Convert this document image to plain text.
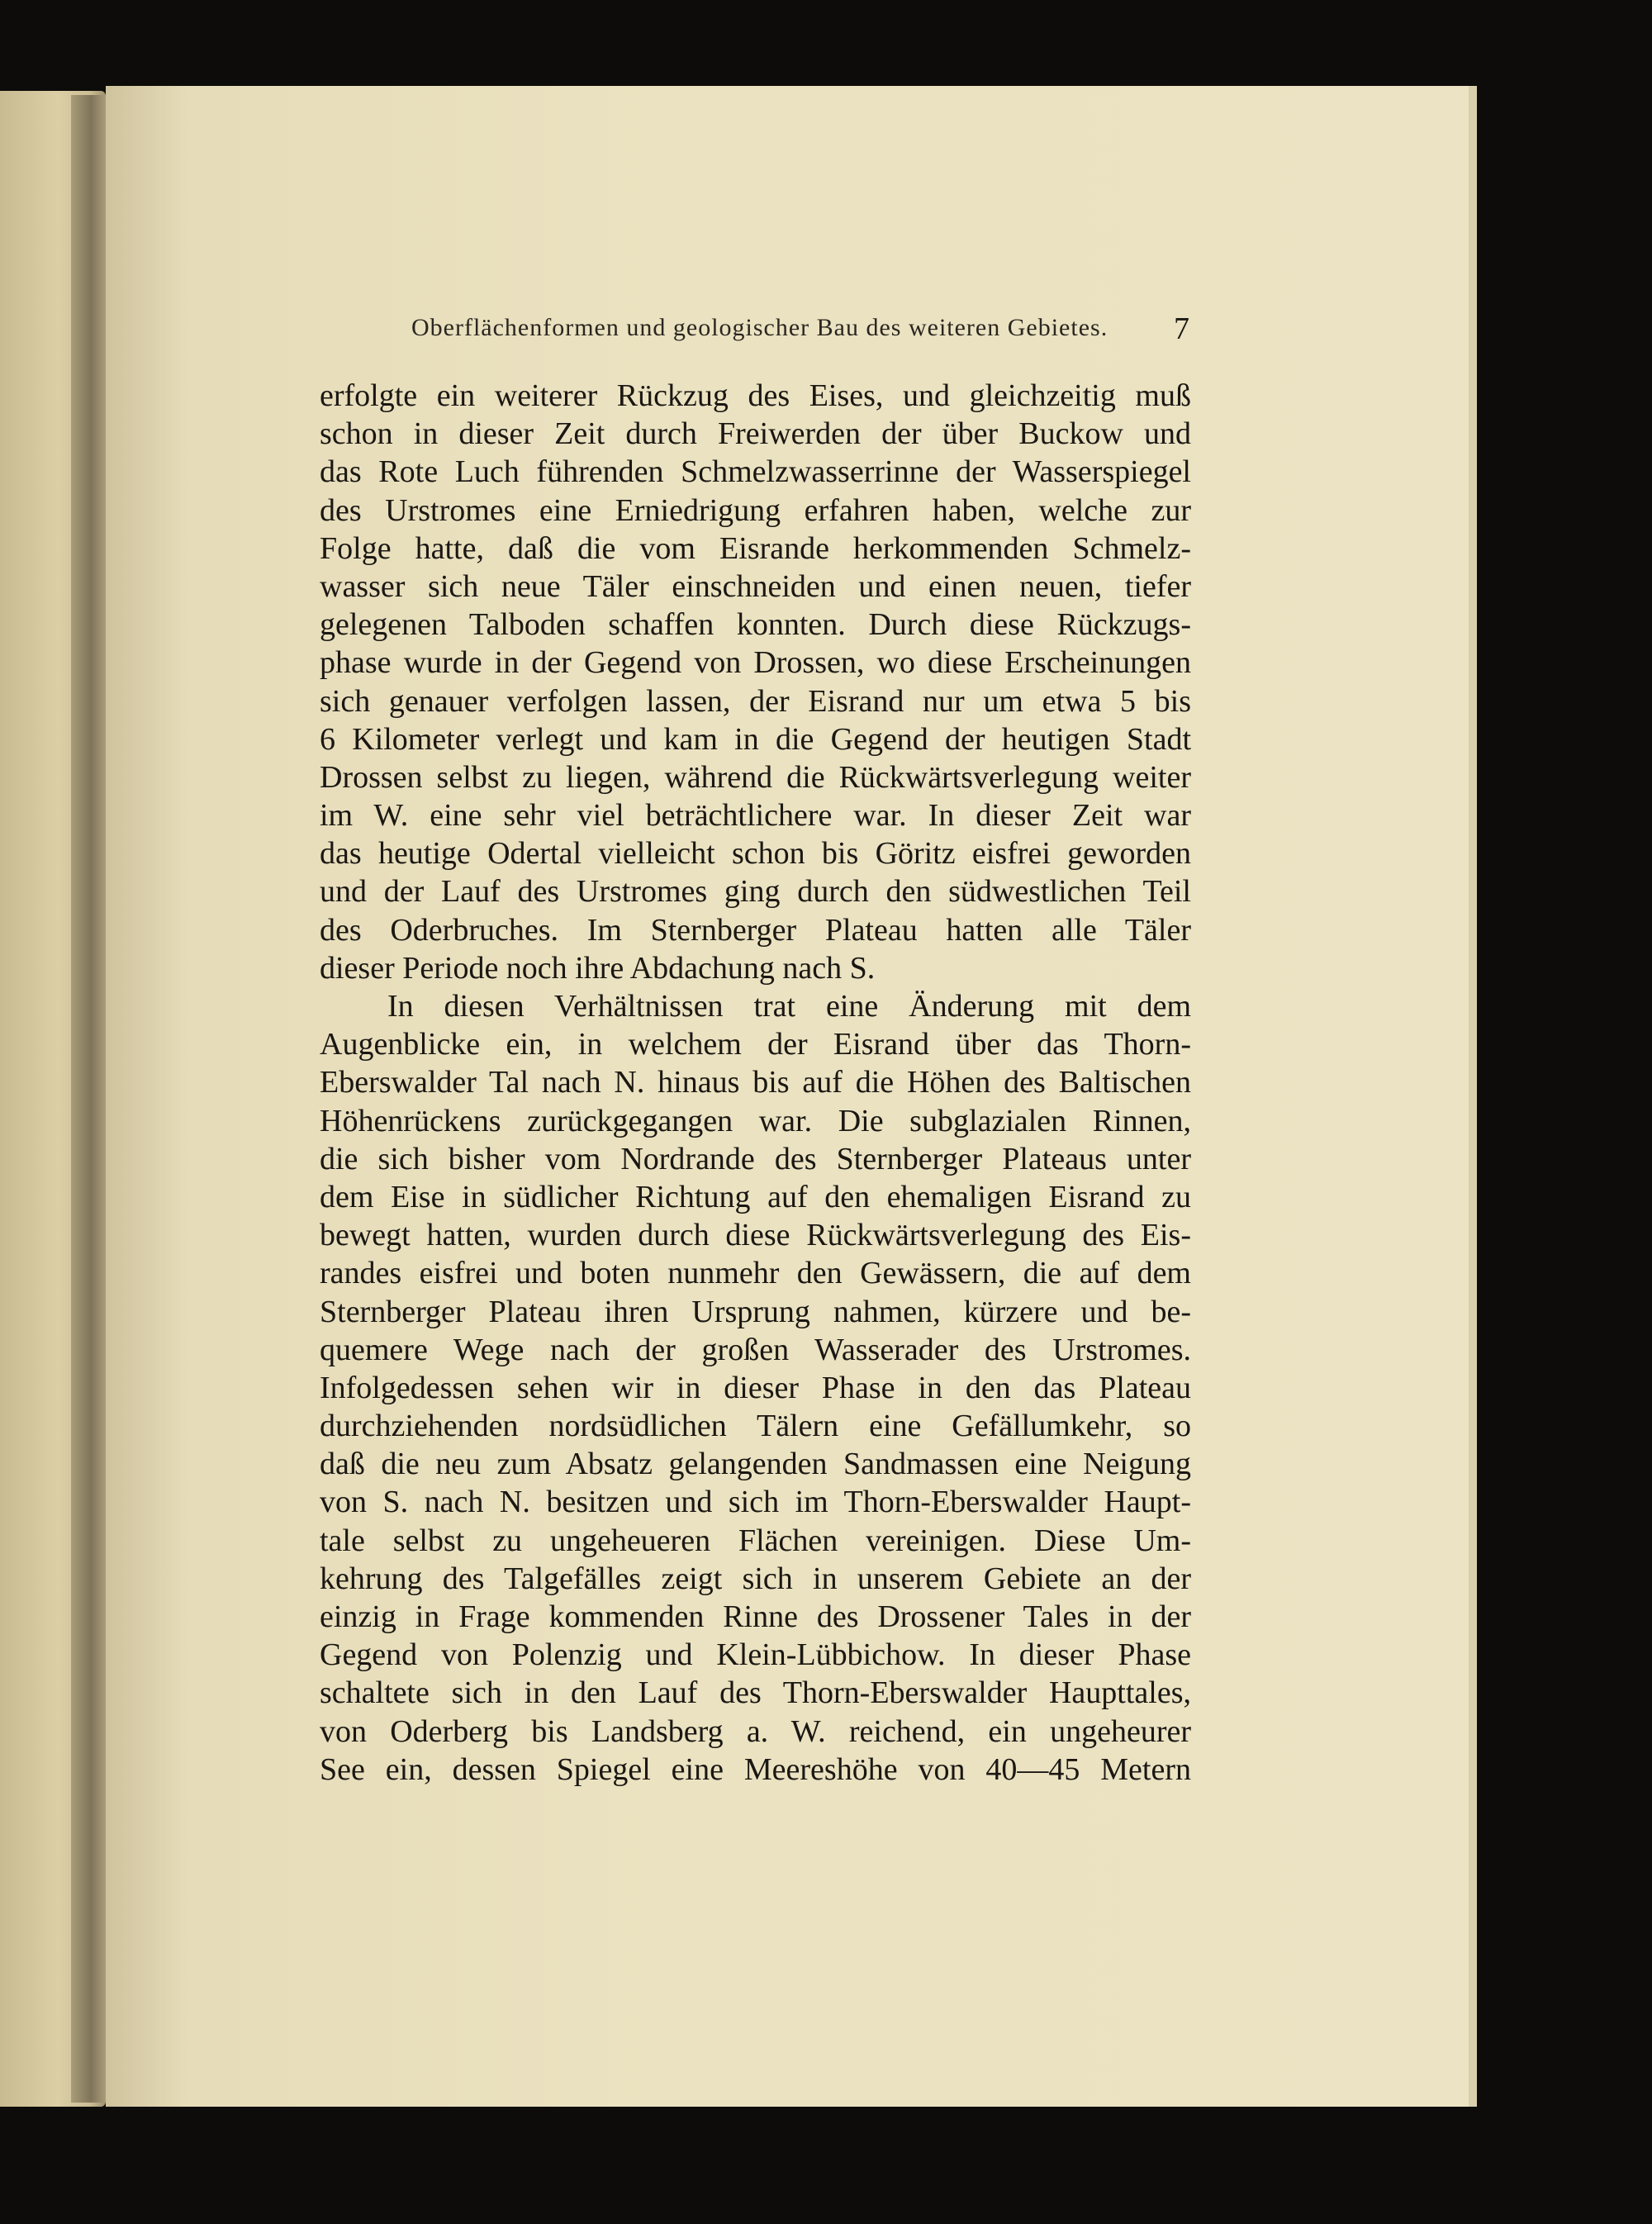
Oberflächenformen und geologischer Bau des weiteren Gebietes. 7
erfolgte ein weiterer Rückzug des Eises, und gleichzeitig muß
schon in dieser Zeit durch Freiwerden der über Buckow und
das Rote Luch führenden Schmelzwasserrinne der Wasserspiegel
des Urstromes eine Erniedrigung erfahren haben, welche zur
Folge hatte, daß die vom Eisrande herkommenden Schmelz-
wasser sich neue Täler einschneiden und einen neuen, tiefer
gelegenen Talboden schaffen konnten. Durch diese Rückzugs-
phase wurde in der Gegend von Drossen, wo diese Erscheinungen
sich genauer verfolgen lassen, der Eisrand nur um etwa 5 bis
6 Kilometer verlegt und kam in die Gegend der heutigen Stadt
Drossen selbst zu liegen, während die Rückwärtsverlegung weiter
im W. eine sehr viel beträchtlichere war. In dieser Zeit war
das heutige Odertal vielleicht schon bis Göritz eisfrei geworden
und der Lauf des Urstromes ging durch den südwestlichen Teil
des Oderbruches. Im Sternberger Plateau hatten alle Täler
dieser Periode noch ihre Abdachung nach S.
In diesen Verhältnissen trat eine Änderung mit dem
Augenblicke ein, in welchem der Eisrand über das Thorn-
Eberswalder Tal nach N. hinaus bis auf die Höhen des Baltischen
Höhenrückens zurückgegangen war. Die subglazialen Rinnen,
die sich bisher vom Nordrande des Sternberger Plateaus unter
dem Eise in südlicher Richtung auf den ehemaligen Eisrand zu
bewegt hatten, wurden durch diese Rückwärtsverlegung des Eis-
randes eisfrei und boten nunmehr den Gewässern, die auf dem
Sternberger Plateau ihren Ursprung nahmen, kürzere und be-
quemere Wege nach der großen Wasserader des Urstromes.
Infolgedessen sehen wir in dieser Phase in den das Plateau
durchziehenden nordsüdlichen Tälern eine Gefällumkehr, so
daß die neu zum Absatz gelangenden Sandmassen eine Neigung
von S. nach N. besitzen und sich im Thorn-Eberswalder Haupt-
tale selbst zu ungeheueren Flächen vereinigen. Diese Um-
kehrung des Talgefälles zeigt sich in unserem Gebiete an der
einzig in Frage kommenden Rinne des Drossener Tales in der
Gegend von Polenzig und Klein-Lübbichow. In dieser Phase
schaltete sich in den Lauf des Thorn-Eberswalder Haupttales,
von Oderberg bis Landsberg a. W. reichend, ein ungeheurer
See ein, dessen Spiegel eine Meereshöhe von 40—45 Metern
